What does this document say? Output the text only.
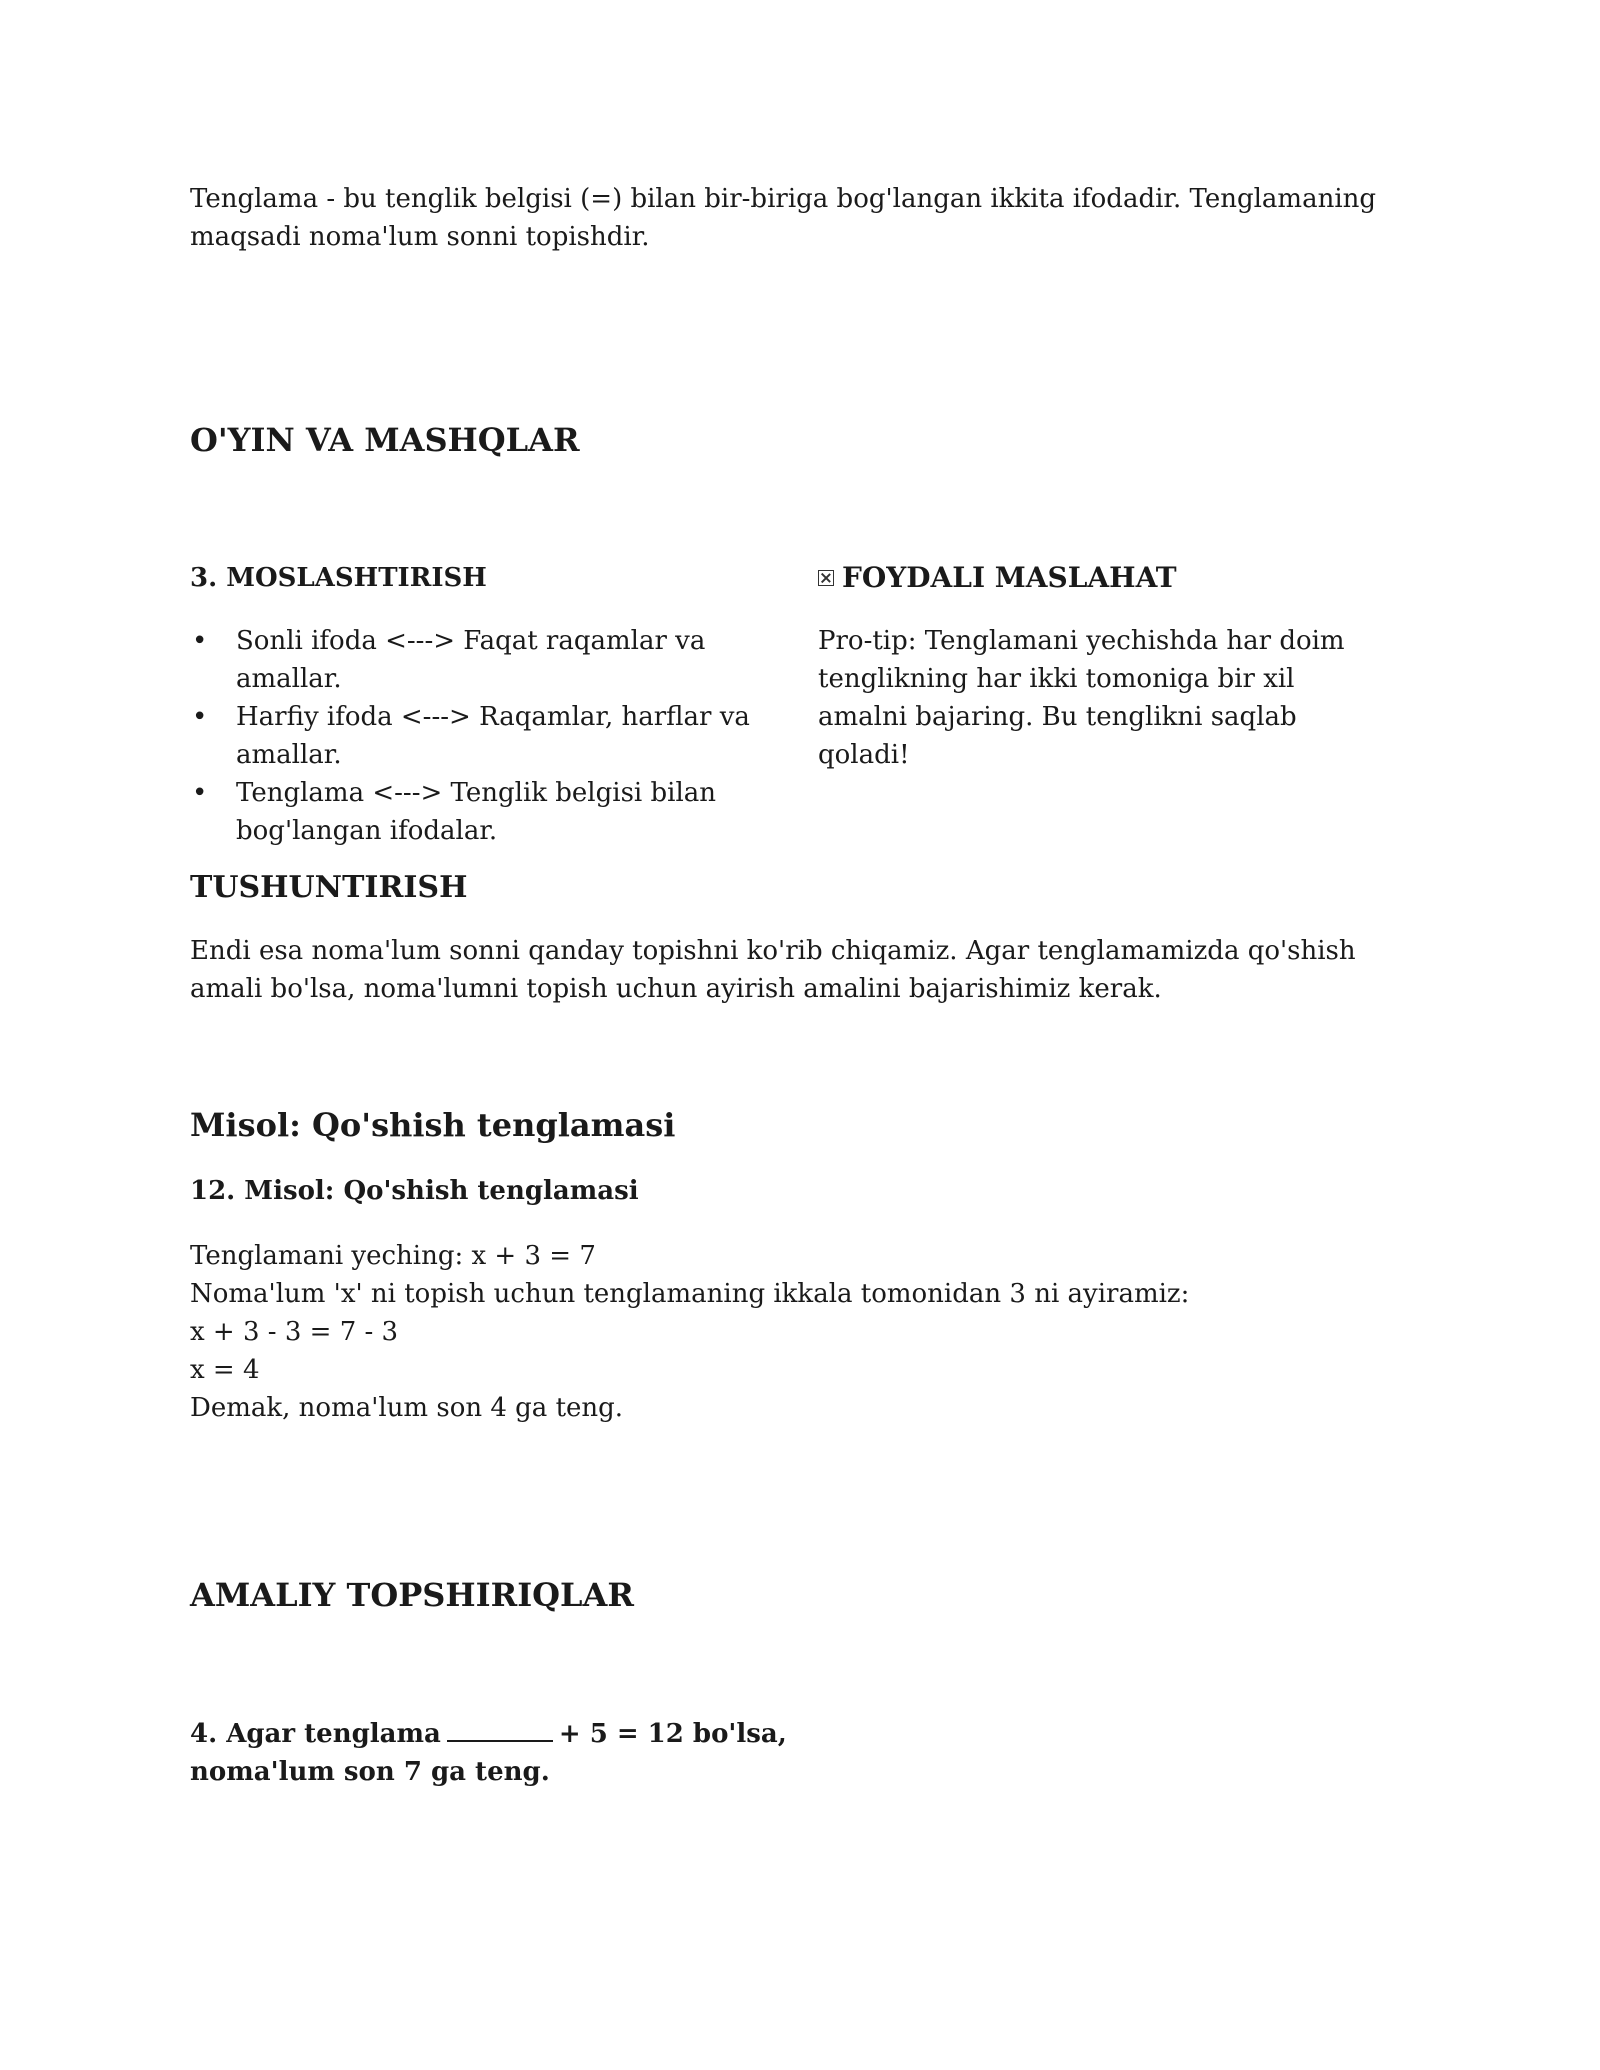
Tenglama - bu tenglik belgisi (=) bilan bir-biriga bog'langan ikkita ifodadir. Tenglamaning maqsadi noma'lum sonni topishdir.

O'YIN VA MASHQLAR
3. MOSLASHTIRISH
• Sonli ifoda <---> Faqat raqamlar va amallar.
• Harfiy ifoda <---> Raqamlar, harflar va amallar.
• Tenglama <---> Tenglik belgisi bilan bog'langan ifodalar.
FOYDALI MASLAHAT

Pro-tip: Tenglamani yechishda har doim tenglikning har ikki tomoniga bir xil amalni bajaring. Bu tenglikni saqlab qoladi!

TUSHUNTIRISH

Endi esa noma'lum sonni qanday topishni ko'rib chiqamiz. Agar tenglamamizda qo'shish amali bo'lsa, noma'lumni topish uchun ayirish amalini bajarishimiz kerak.

Misol: Qo'shish tenglamasi
12. Misol: Qo'shish tenglamasi

Tenglamani yeching: x + 3 = 7

Noma'lum 'x' ni topish uchun tenglamaning ikkala tomonidan 3 ni ayiramiz:

x + 3 - 3 = 7 - 3

x = 4

Demak, noma'lum son 4 ga teng.

AMALIY TOPSHIRIQLAR

4. Agar tenglama	+ 5 = 12 bo'lsa,

noma'lum son 7 ga teng.
